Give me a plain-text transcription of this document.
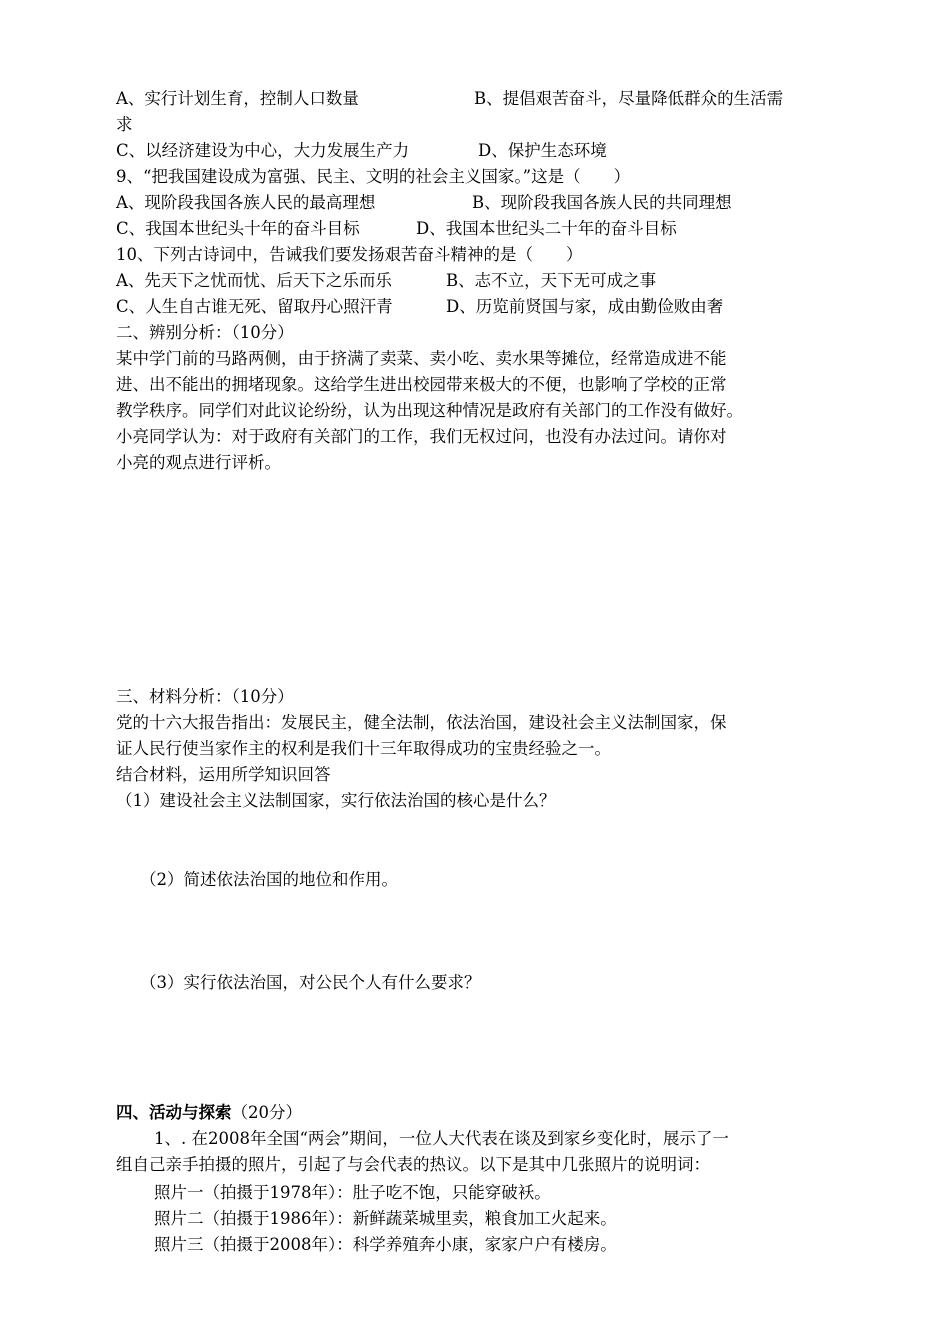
A、实行计划生育，控制人口数量	B、提倡艰苦奋斗，尽量降低群众的生活需
求
C、以经济建设为中心，大力发展生产力	D、保护生态环境
9、“把我国建设成为富强、民主、文明的社会主义国家。”这是（　　）
A、现阶段我国各族人民的最高理想	B、现阶段我国各族人民的共同理想
C、我国本世纪头十年的奋斗目标	D、我国本世纪头二十年的奋斗目标
10、下列古诗词中，告诫我们要发扬艰苦奋斗精神的是（　　）
A、先天下之忧而忧、后天下之乐而乐	B、志不立，天下无可成之事
C、人生自古谁无死、留取丹心照汗青	D、历览前贤国与家，成由勤俭败由奢
二、辨别分析：（10分）
某中学门前的马路两侧，由于挤满了卖菜、卖小吃、卖水果等摊位，经常造成进不能
进、出不能出的拥堵现象。这给学生进出校园带来极大的不便，也影响了学校的正常
教学秩序。同学们对此议论纷纷，认为出现这种情况是政府有关部门的工作没有做好。
小亮同学认为：对于政府有关部门的工作，我们无权过问，也没有办法过问。请你对
小亮的观点进行评析。
三、材料分析：（10分）
党的十六大报告指出：发展民主，健全法制，依法治国，建设社会主义法制国家，保
证人民行使当家作主的权利是我们十三年取得成功的宝贵经验之一。
结合材料，运用所学知识回答
（1）建设社会主义法制国家，实行依法治国的核心是什么？
（2）简述依法治国的地位和作用。
（3）实行依法治国，对公民个人有什么要求？
四、活动与探索（20分）
1、. 在2008年全国“两会”期间，一位人大代表在谈及到家乡变化时，展示了一
组自己亲手拍摄的照片，引起了与会代表的热议。以下是其中几张照片的说明词：
照片一（拍摄于1978年）：肚子吃不饱，只能穿破袄。
照片二（拍摄于1986年）：新鲜蔬菜城里卖，粮食加工火起来。
照片三（拍摄于2008年）：科学养殖奔小康，家家户户有楼房。
